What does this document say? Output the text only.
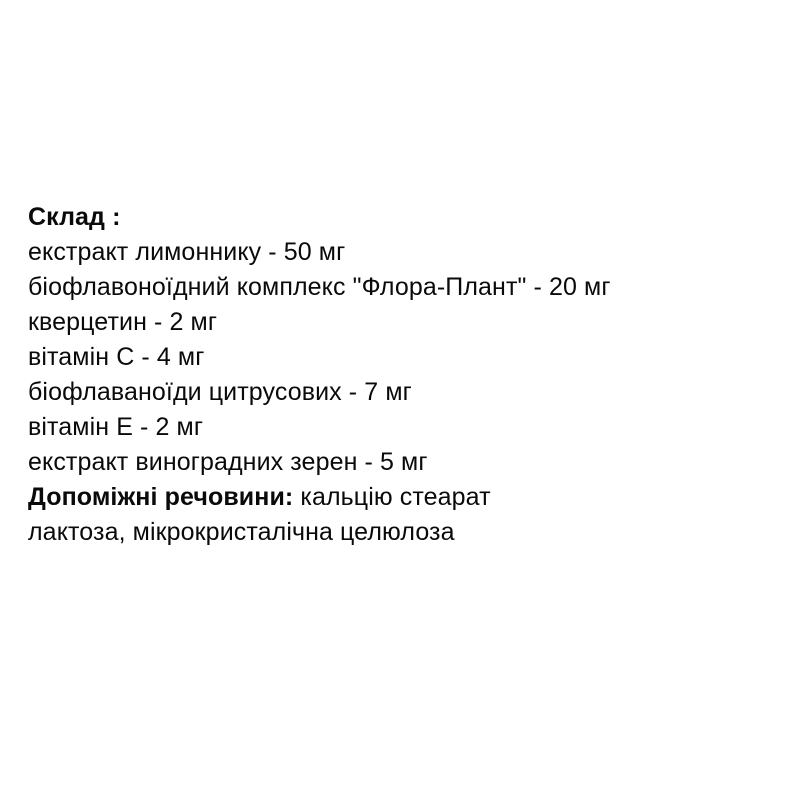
Склад :
екстракт лимоннику - 50 мг
біофлавоноїдний комплекс "Флора-Плант" - 20 мг
кверцетин - 2 мг
вітамін C - 4 мг
біофлаваноїди цитрусових - 7 мг
вітамін E - 2 мг
екстракт виноградних зерен - 5 мг
Допоміжні речовини: кальцію стеарат
лактоза, мікрокристалічна целюлоза
